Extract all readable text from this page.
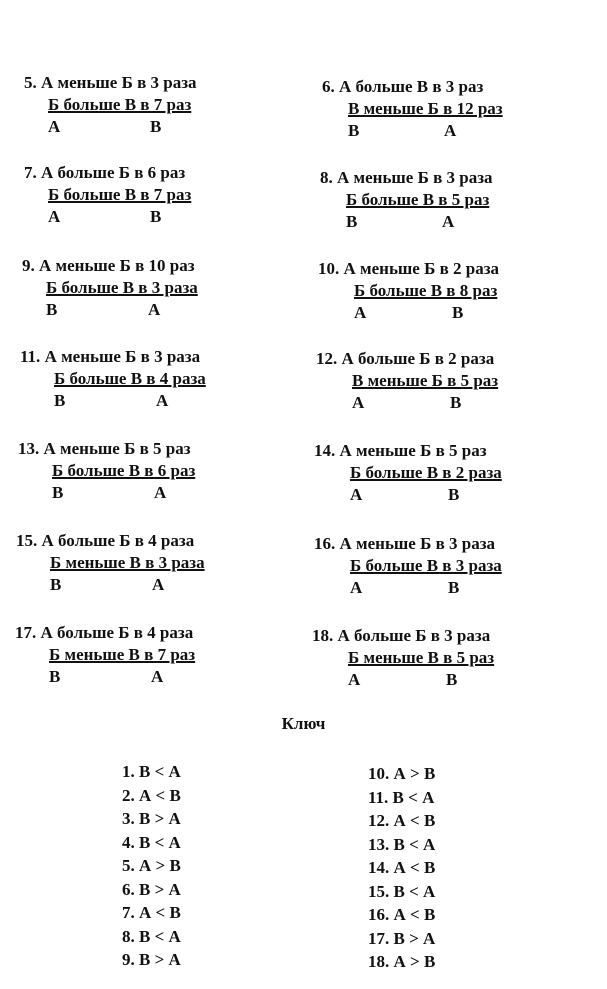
5. А меньше Б в 3 раза
Б больше В в 7 раз
А	В
7. А больше Б в 6 раз
Б больше В в 7 раз
А	В
9. А меньше Б в 10 раз
Б больше В в 3 раза
В	А
11. А меньше Б в 3 раза
Б больше В в 4 раза
В	А
13. А меньше Б в 5 раз
Б больше В в 6 раз
В	А
15. А больше Б в 4 раза
Б меньше В в 3 раза
В	А
17. А больше Б в 4 раза
Б меньше В в 7 раз
В	А
6. А больше В в 3 раз
В меньше Б в 12 раз
В	А
8. А меньше Б в 3 раза
Б больше В в 5 раз
В	А
10. А меньше Б в 2 раза
Б больше В в 8 раз
А	В
12. А больше Б в 2 раза
В меньше Б в 5 раз
А	В
14. А меньше Б в 5 раз
Б больше В в 2 раза
А	В
16. А меньше Б в 3 раза
Б больше В в 3 раза
А	В
18. А больше Б в 3 раза
Б меньше В в 5 раз
А	В
Ключ
1. В < А
2. А < В
3. В > А
4. В < А
5. А > В
6. В > А
7. А < В
8. В < А
9. В > А
10. А > В
11. В < А
12. А < В
13. В < А
14. А < В
15. В < А
16. А < В
17. В > А
18. А > В
